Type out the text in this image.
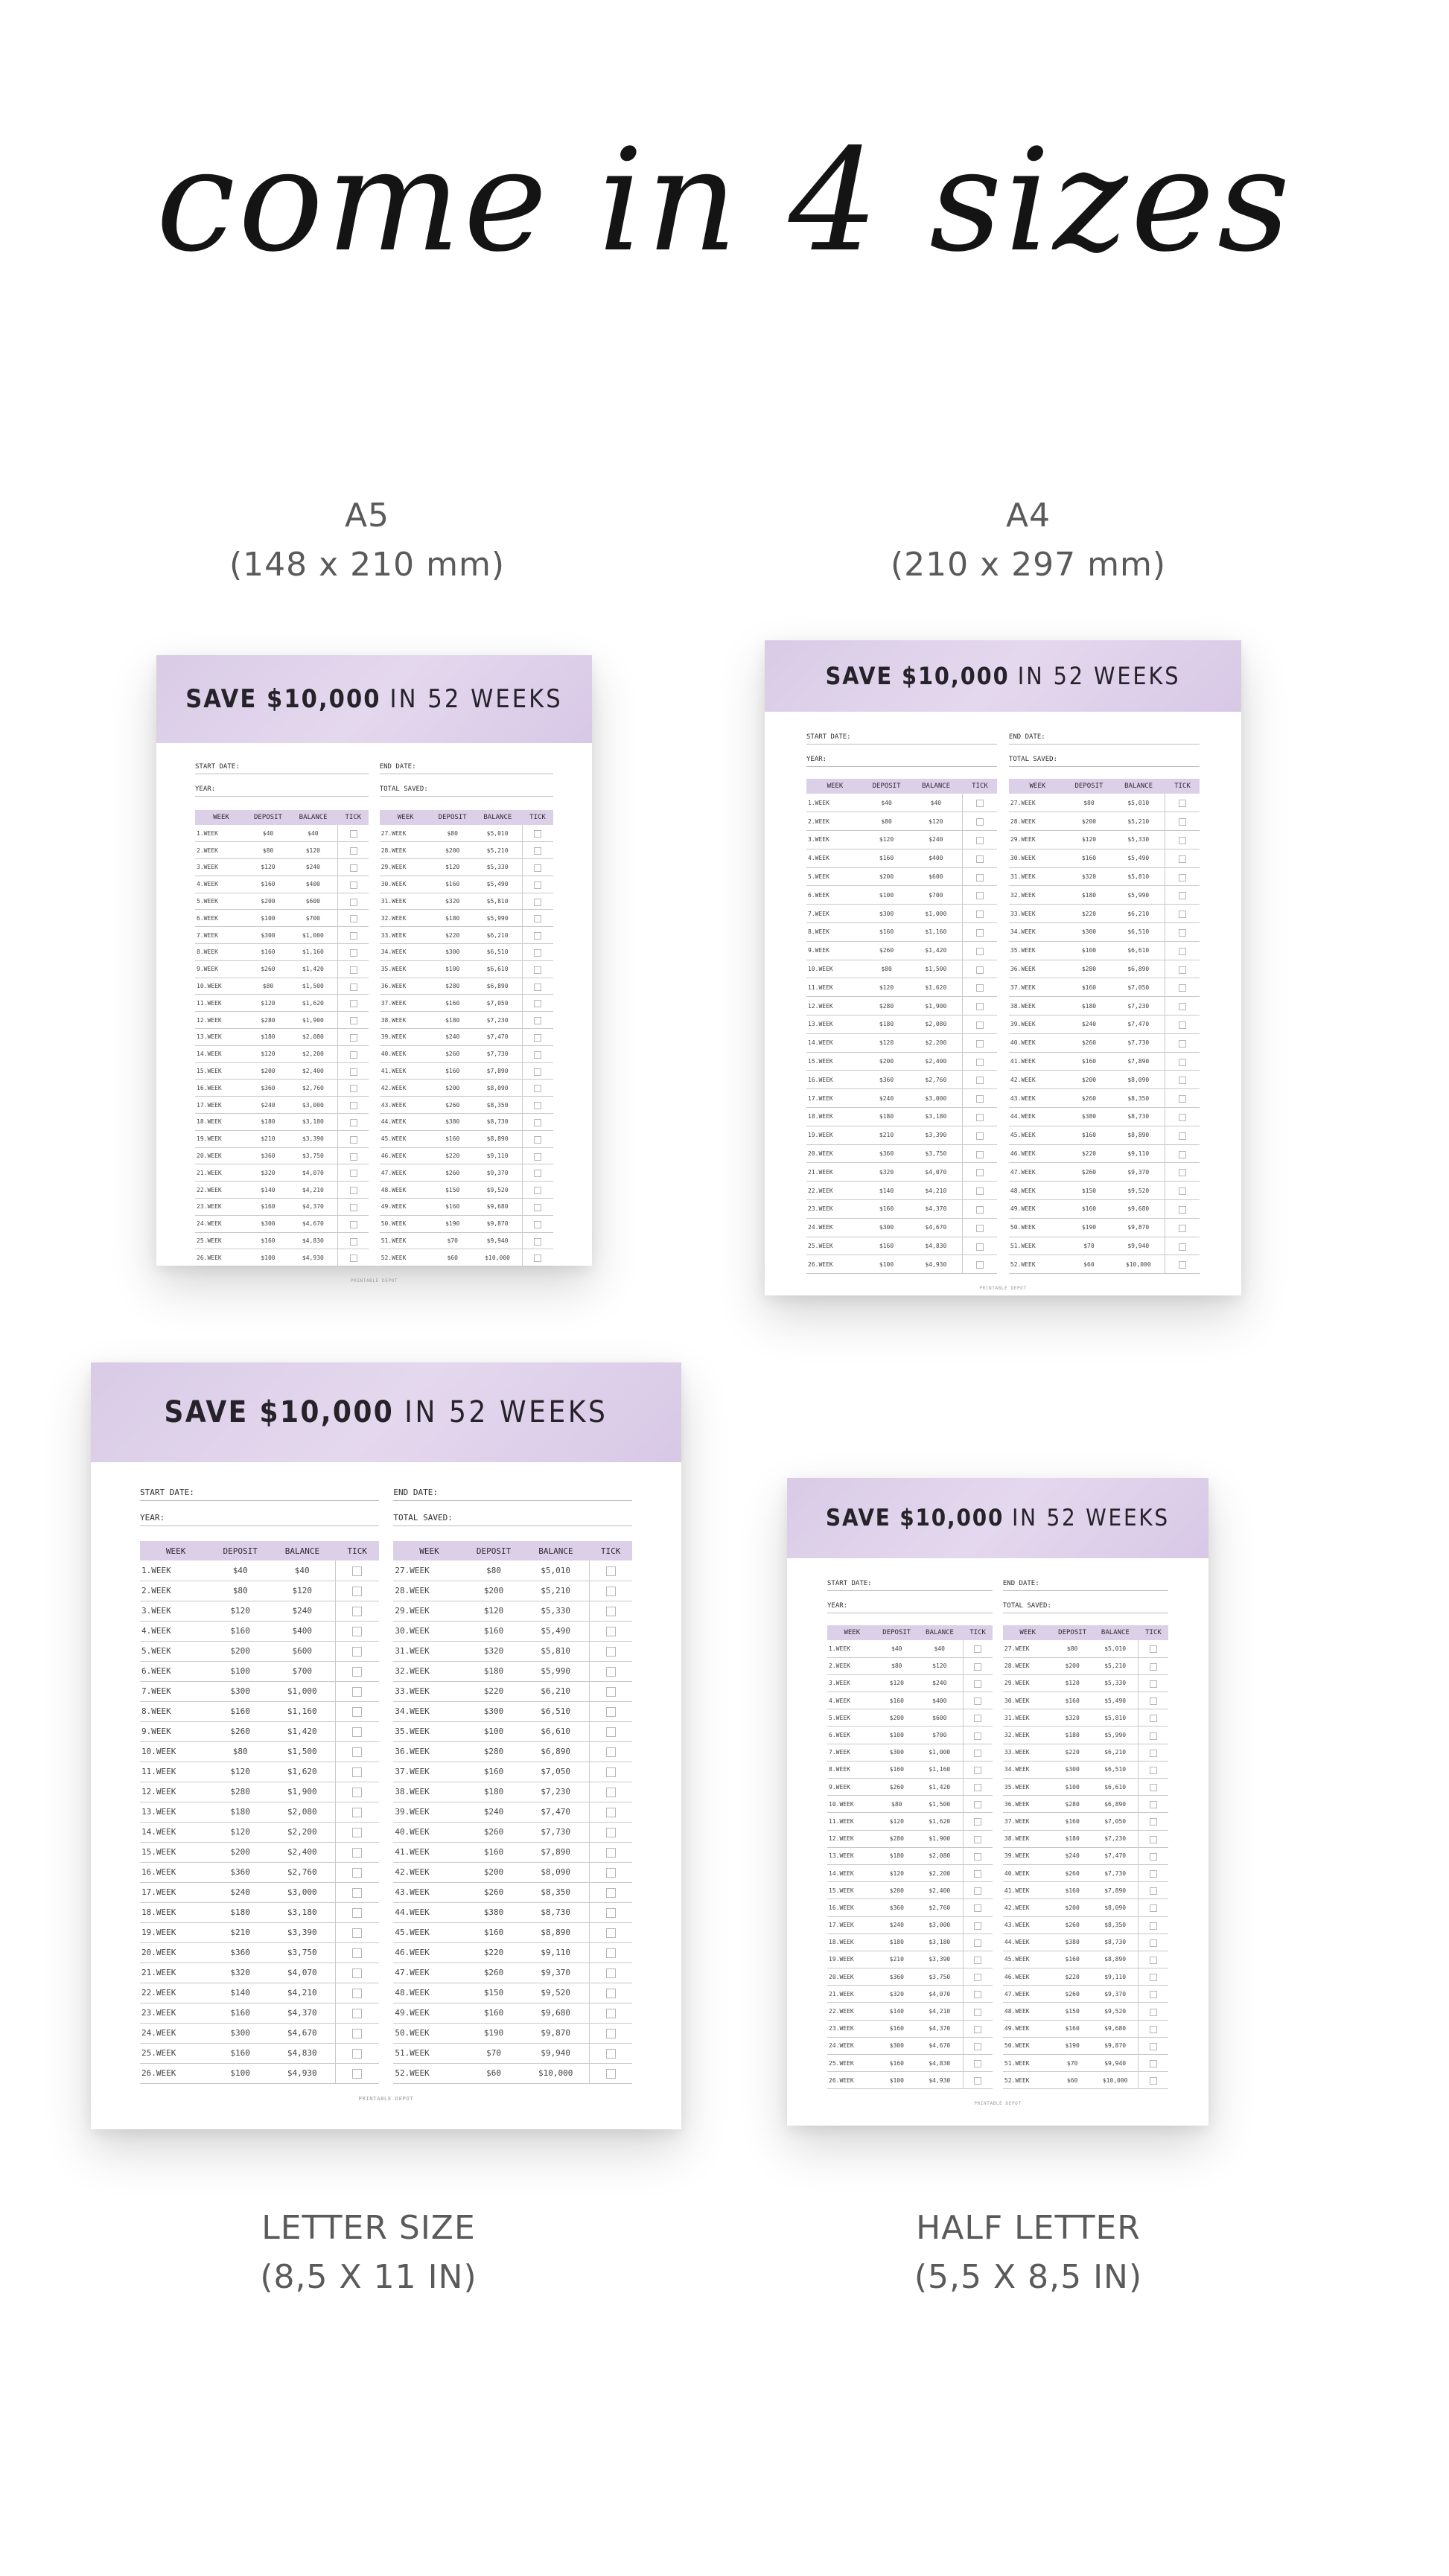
come in 4 sizes
A5
(148 x 210 mm)
A4
(210 x 297 mm)
LETTER SIZE
(8,5 X 11 IN)
HALF LETTER
(5,5 X 8,5 IN)
SAVE $10,000 IN 52 WEEKS
START DATE:
YEAR:
END DATE:
TOTAL SAVED:
WEEK	DEPOSIT	BALANCE	TICK
1.WEEK	$40	$40	
2.WEEK	$80	$120	
3.WEEK	$120	$240	
4.WEEK	$160	$400	
5.WEEK	$200	$600	
6.WEEK	$100	$700	
7.WEEK	$300	$1,000	
8.WEEK	$160	$1,160	
9.WEEK	$260	$1,420	
10.WEEK	$80	$1,500	
11.WEEK	$120	$1,620	
12.WEEK	$280	$1,900	
13.WEEK	$180	$2,080	
14.WEEK	$120	$2,200	
15.WEEK	$200	$2,400	
16.WEEK	$360	$2,760	
17.WEEK	$240	$3,000	
18.WEEK	$180	$3,180	
19.WEEK	$210	$3,390	
20.WEEK	$360	$3,750	
21.WEEK	$320	$4,070	
22.WEEK	$140	$4,210	
23.WEEK	$160	$4,370	
24.WEEK	$300	$4,670	
25.WEEK	$160	$4,830	
26.WEEK	$100	$4,930	
WEEK	DEPOSIT	BALANCE	TICK
27.WEEK	$80	$5,010	
28.WEEK	$200	$5,210	
29.WEEK	$120	$5,330	
30.WEEK	$160	$5,490	
31.WEEK	$320	$5,810	
32.WEEK	$180	$5,990	
33.WEEK	$220	$6,210	
34.WEEK	$300	$6,510	
35.WEEK	$100	$6,610	
36.WEEK	$280	$6,890	
37.WEEK	$160	$7,050	
38.WEEK	$180	$7,230	
39.WEEK	$240	$7,470	
40.WEEK	$260	$7,730	
41.WEEK	$160	$7,890	
42.WEEK	$200	$8,090	
43.WEEK	$260	$8,350	
44.WEEK	$380	$8,730	
45.WEEK	$160	$8,890	
46.WEEK	$220	$9,110	
47.WEEK	$260	$9,370	
48.WEEK	$150	$9,520	
49.WEEK	$160	$9,680	
50.WEEK	$190	$9,870	
51.WEEK	$70	$9,940	
52.WEEK	$60	$10,000	
PRINTABLE DEPOT
SAVE $10,000 IN 52 WEEKS
START DATE:
YEAR:
END DATE:
TOTAL SAVED:
WEEK	DEPOSIT	BALANCE	TICK
1.WEEK	$40	$40	
2.WEEK	$80	$120	
3.WEEK	$120	$240	
4.WEEK	$160	$400	
5.WEEK	$200	$600	
6.WEEK	$100	$700	
7.WEEK	$300	$1,000	
8.WEEK	$160	$1,160	
9.WEEK	$260	$1,420	
10.WEEK	$80	$1,500	
11.WEEK	$120	$1,620	
12.WEEK	$280	$1,900	
13.WEEK	$180	$2,080	
14.WEEK	$120	$2,200	
15.WEEK	$200	$2,400	
16.WEEK	$360	$2,760	
17.WEEK	$240	$3,000	
18.WEEK	$180	$3,180	
19.WEEK	$210	$3,390	
20.WEEK	$360	$3,750	
21.WEEK	$320	$4,070	
22.WEEK	$140	$4,210	
23.WEEK	$160	$4,370	
24.WEEK	$300	$4,670	
25.WEEK	$160	$4,830	
26.WEEK	$100	$4,930	
WEEK	DEPOSIT	BALANCE	TICK
27.WEEK	$80	$5,010	
28.WEEK	$200	$5,210	
29.WEEK	$120	$5,330	
30.WEEK	$160	$5,490	
31.WEEK	$320	$5,810	
32.WEEK	$180	$5,990	
33.WEEK	$220	$6,210	
34.WEEK	$300	$6,510	
35.WEEK	$100	$6,610	
36.WEEK	$280	$6,890	
37.WEEK	$160	$7,050	
38.WEEK	$180	$7,230	
39.WEEK	$240	$7,470	
40.WEEK	$260	$7,730	
41.WEEK	$160	$7,890	
42.WEEK	$200	$8,090	
43.WEEK	$260	$8,350	
44.WEEK	$380	$8,730	
45.WEEK	$160	$8,890	
46.WEEK	$220	$9,110	
47.WEEK	$260	$9,370	
48.WEEK	$150	$9,520	
49.WEEK	$160	$9,680	
50.WEEK	$190	$9,870	
51.WEEK	$70	$9,940	
52.WEEK	$60	$10,000	
PRINTABLE DEPOT
SAVE $10,000 IN 52 WEEKS
START DATE:
YEAR:
END DATE:
TOTAL SAVED:
WEEK	DEPOSIT	BALANCE	TICK
1.WEEK	$40	$40	
2.WEEK	$80	$120	
3.WEEK	$120	$240	
4.WEEK	$160	$400	
5.WEEK	$200	$600	
6.WEEK	$100	$700	
7.WEEK	$300	$1,000	
8.WEEK	$160	$1,160	
9.WEEK	$260	$1,420	
10.WEEK	$80	$1,500	
11.WEEK	$120	$1,620	
12.WEEK	$280	$1,900	
13.WEEK	$180	$2,080	
14.WEEK	$120	$2,200	
15.WEEK	$200	$2,400	
16.WEEK	$360	$2,760	
17.WEEK	$240	$3,000	
18.WEEK	$180	$3,180	
19.WEEK	$210	$3,390	
20.WEEK	$360	$3,750	
21.WEEK	$320	$4,070	
22.WEEK	$140	$4,210	
23.WEEK	$160	$4,370	
24.WEEK	$300	$4,670	
25.WEEK	$160	$4,830	
26.WEEK	$100	$4,930	
WEEK	DEPOSIT	BALANCE	TICK
27.WEEK	$80	$5,010	
28.WEEK	$200	$5,210	
29.WEEK	$120	$5,330	
30.WEEK	$160	$5,490	
31.WEEK	$320	$5,810	
32.WEEK	$180	$5,990	
33.WEEK	$220	$6,210	
34.WEEK	$300	$6,510	
35.WEEK	$100	$6,610	
36.WEEK	$280	$6,890	
37.WEEK	$160	$7,050	
38.WEEK	$180	$7,230	
39.WEEK	$240	$7,470	
40.WEEK	$260	$7,730	
41.WEEK	$160	$7,890	
42.WEEK	$200	$8,090	
43.WEEK	$260	$8,350	
44.WEEK	$380	$8,730	
45.WEEK	$160	$8,890	
46.WEEK	$220	$9,110	
47.WEEK	$260	$9,370	
48.WEEK	$150	$9,520	
49.WEEK	$160	$9,680	
50.WEEK	$190	$9,870	
51.WEEK	$70	$9,940	
52.WEEK	$60	$10,000	
PRINTABLE DEPOT
SAVE $10,000 IN 52 WEEKS
START DATE:
YEAR:
END DATE:
TOTAL SAVED:
WEEK	DEPOSIT	BALANCE	TICK
1.WEEK	$40	$40	
2.WEEK	$80	$120	
3.WEEK	$120	$240	
4.WEEK	$160	$400	
5.WEEK	$200	$600	
6.WEEK	$100	$700	
7.WEEK	$300	$1,000	
8.WEEK	$160	$1,160	
9.WEEK	$260	$1,420	
10.WEEK	$80	$1,500	
11.WEEK	$120	$1,620	
12.WEEK	$280	$1,900	
13.WEEK	$180	$2,080	
14.WEEK	$120	$2,200	
15.WEEK	$200	$2,400	
16.WEEK	$360	$2,760	
17.WEEK	$240	$3,000	
18.WEEK	$180	$3,180	
19.WEEK	$210	$3,390	
20.WEEK	$360	$3,750	
21.WEEK	$320	$4,070	
22.WEEK	$140	$4,210	
23.WEEK	$160	$4,370	
24.WEEK	$300	$4,670	
25.WEEK	$160	$4,830	
26.WEEK	$100	$4,930	
WEEK	DEPOSIT	BALANCE	TICK
27.WEEK	$80	$5,010	
28.WEEK	$200	$5,210	
29.WEEK	$120	$5,330	
30.WEEK	$160	$5,490	
31.WEEK	$320	$5,810	
32.WEEK	$180	$5,990	
33.WEEK	$220	$6,210	
34.WEEK	$300	$6,510	
35.WEEK	$100	$6,610	
36.WEEK	$280	$6,890	
37.WEEK	$160	$7,050	
38.WEEK	$180	$7,230	
39.WEEK	$240	$7,470	
40.WEEK	$260	$7,730	
41.WEEK	$160	$7,890	
42.WEEK	$200	$8,090	
43.WEEK	$260	$8,350	
44.WEEK	$380	$8,730	
45.WEEK	$160	$8,890	
46.WEEK	$220	$9,110	
47.WEEK	$260	$9,370	
48.WEEK	$150	$9,520	
49.WEEK	$160	$9,680	
50.WEEK	$190	$9,870	
51.WEEK	$70	$9,940	
52.WEEK	$60	$10,000	
PRINTABLE DEPOT
